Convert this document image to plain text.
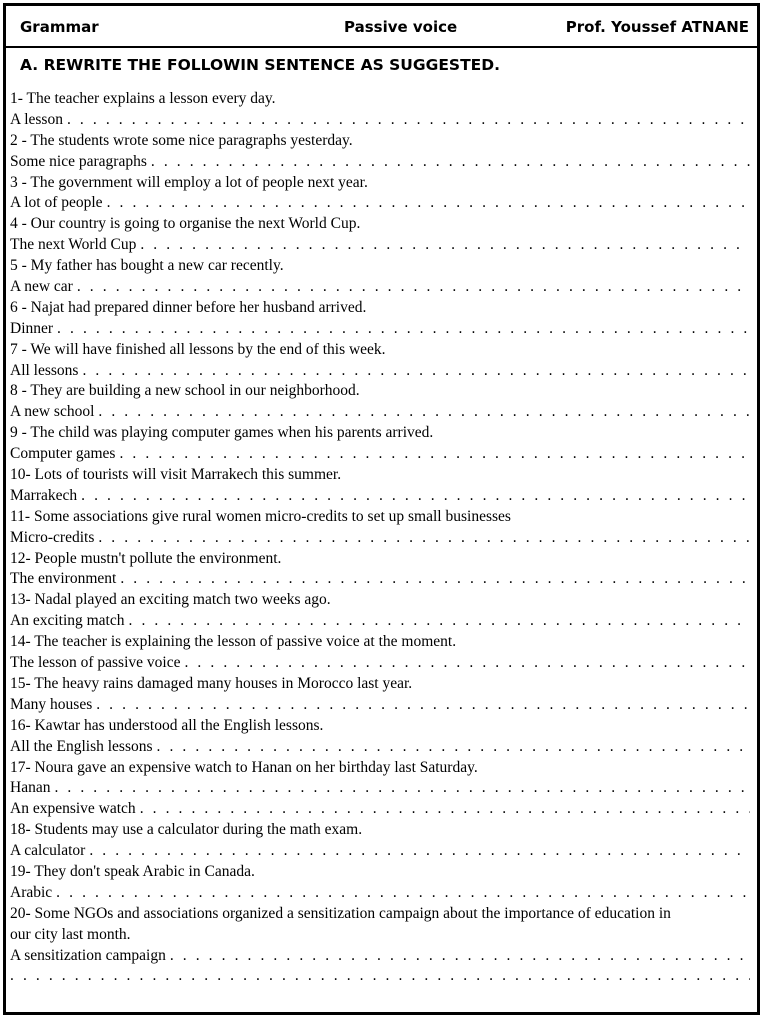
Grammar	Passive voice	Prof. Youssef ATNANE
A. REWRITE THE FOLLOWIN SENTENCE AS SUGGESTED.
1- The teacher explains a lesson every day.
A lesson
. . .
2 - The students wrote some nice paragraphs yesterday.
Some nice paragraphs
. . .
3 - The government will employ a lot of people next year.
A lot of people
. . .
4 - Our country is going to organise the next World Cup.
The next World Cup
. . .
5 - My father has bought a new car recently.
A new car
. . .
6 - Najat had prepared dinner before her husband arrived.
Dinner
. . .
7 - We will have finished all lessons by the end of this week.
All lessons
. . .
8 - They are building a new school in our neighborhood.
A new school
. . .
9 - The child was playing computer games when his parents arrived.
Computer games
. . .
10- Lots of tourists will visit Marrakech this summer.
Marrakech
. . .
11- Some associations give rural women micro-credits to set up small businesses
Micro-credits
. . .
12- People mustn't pollute the environment.
The environment
. . .
13- Nadal played an exciting match two weeks ago.
An exciting match
. . .
14- The teacher is explaining the lesson of passive voice at the moment.
The lesson of passive voice
. . .
15- The heavy rains damaged many houses in Morocco last year.
Many houses
. . .
16- Kawtar has understood all the English lessons.
All the English lessons
. . .
17- Noura gave an expensive watch to Hanan on her birthday last Saturday.
Hanan
. . .
An expensive watch
. . .
18- Students may use a calculator during the math exam.
A calculator
. . .
19- They don't speak Arabic in Canada.
Arabic
. . .
20- Some NGOs and associations organized a sensitization campaign about the importance of education in
our city last month.
A sensitization campaign
. . .
. . .
